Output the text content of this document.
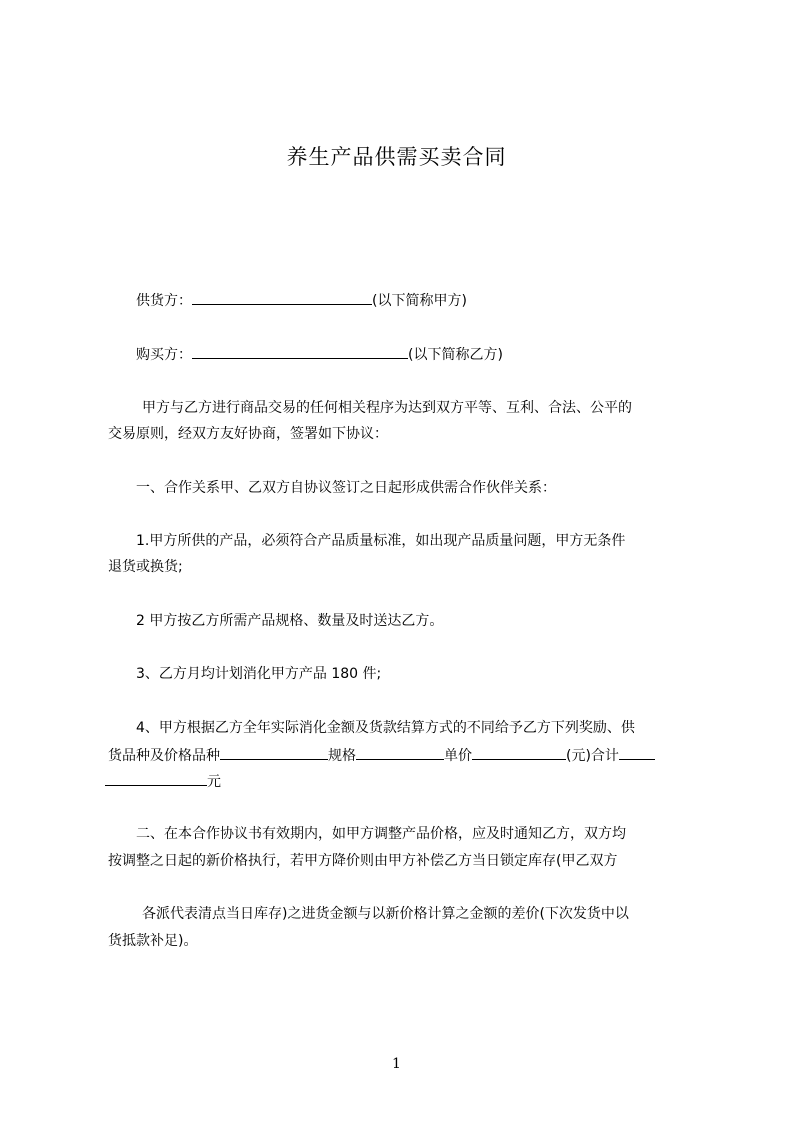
养生产品供需买卖合同
供货方：	(以下简称甲方)
购买方：	(以下简称乙方)
甲方与乙方进行商品交易的任何相关程序为达到双方平等、互利、合法、公平的
交易原则，经双方友好协商，签署如下协议：
一、合作关系甲、乙双方自协议签订之日起形成供需合作伙伴关系：
1.甲方所供的产品，必须符合产品质量标准，如出现产品质量问题，甲方无条件
退货或换货;
2 甲方按乙方所需产品规格、数量及时送达乙方。
3、乙方月均计划消化甲方产品 180 件;
4、甲方根据乙方全年实际消化金额及货款结算方式的不同给予乙方下列奖励、供
货品种及价格品种	规格	单价	(元)合计
元
二、在本合作协议书有效期内，如甲方调整产品价格，应及时通知乙方，双方均
按调整之日起的新价格执行，若甲方降价则由甲方补偿乙方当日锁定库存(甲乙双方
各派代表清点当日库存)之进货金额与以新价格计算之金额的差价(下次发货中以
货抵款补足)。
1
